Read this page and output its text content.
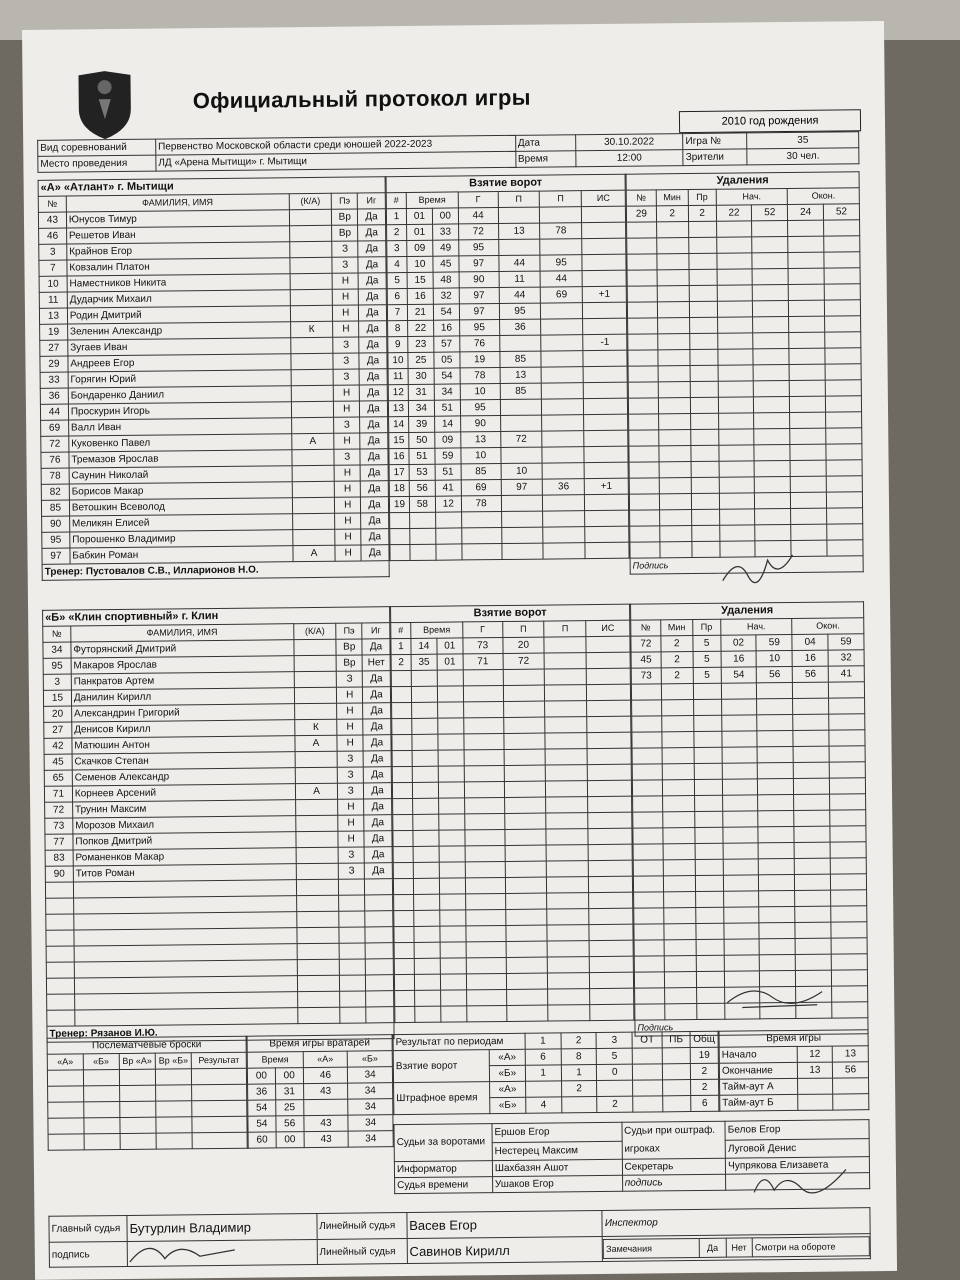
Официальный протокол игры
2010 год рождения
Вид соревнований	Первенство Московской области среди юношей 2022-2023	Дата	30.10.2022	Игра №	35
Место проведения	ЛД «Арена Мытищи» г. Мытищи	Время	12:00	Зрители	30 чел.
«А» «Атлант» г. Мытищи				
№	ФАМИЛИЯ, ИМЯ	(К/А)	Пэ	Иг
43	Юнусов Тимур		Вр	Да
46	Решетов Иван		Вр	Да
3	Крайнов Егор		З	Да
7	Ковзалин Платон		З	Да
10	Наместников Никита		Н	Да
11	Дударчик Михаил		Н	Да
13	Родин Дмитрий		Н	Да
19	Зеленин Александр	К	Н	Да
27	Зугаев Иван		З	Да
29	Андреев Егор		З	Да
33	Горягин Юрий		З	Да
36	Бондаренко Даниил		Н	Да
44	Проскурин Игорь		Н	Да
69	Валл Иван		З	Да
72	Куковенко Павел	А	Н	Да
76	Тремазов Ярослав		З	Да
78	Саунин Николай		Н	Да
82	Борисов Макар		Н	Да
85	Ветошкин Всеволод		Н	Да
90	Меликян Елисей		Н	Да
95	Порошенко Владимир		Н	Да
97	Бабкин Роман	А	Н	Да
Тренер: Пустовалов С.В., Илларионов Н.О.				
Взятие ворот						
#	Время		Г	П	П	ИС
1	01	00	44			
2	01	33	72	13	78	
3	09	49	95			
4	10	45	97	44	95	
5	15	48	90	11	44	
6	16	32	97	44	69	+1
7	21	54	97	95		
8	22	16	95	36		
9	23	57	76			-1
10	25	05	19	85		
11	30	54	78	13		
12	31	34	10	85		
13	34	51	95			
14	39	14	90			
15	50	09	13	72		
16	51	59	10			
17	53	51	85	10		
18	56	41	69	97	36	+1
19	58	12	78			

Удаления						
№	Мин	Пр	Нач.		Окон.	
29	2	2	22	52	24	52

Подпись						
«Б» «Клин спортивный» г. Клин				
№	ФАМИЛИЯ, ИМЯ	(К/А)	Пэ	Иг
34	Футорянский Дмитрий		Вр	Да
95	Макаров Ярослав		Вр	Нет
3	Панкратов Артем		З	Да
15	Данилин Кирилл		Н	Да
20	Александрин Григорий		Н	Да
27	Денисов Кирилл	К	Н	Да
42	Матюшин Антон	А	Н	Да
45	Скачков Степан		З	Да
65	Семенов Александр		З	Да
71	Корнеев Арсений	А	З	Да
72	Трунин Максим		Н	Да
73	Морозов Михаил		Н	Да
77	Попков Дмитрий		Н	Да
83	Романенков Макар		З	Да
90	Титов Роман		З	Да

Тренер: Рязанов И.Ю.				
Взятие ворот						
#	Время		Г	П	П	ИС
1	14	01	73	20		
2	35	01	71	72		

Удаления						
№	Мин	Пр	Нач.		Окон.	
72	2	5	02	59	04	59
45	2	5	16	10	16	32
73	2	5	54	56	56	41

Подпись						
Послематчевые броски				
«А»	«Б»	Вр «А»	Вр «Б»	Результат

Время игры вратарей			
Время		«А»	«Б»
00	00	46	34
36	31	43	34
54	25		34
54	56	43	34
60	00	43	34
Результат по периодам		1	2	3	ОТ	ПБ	Общ
Взятие ворот	«А»	6	8	5			19
	«Б»	1	1	0			2
Штрафное время	«А»		2				2
	«Б»	4		2			6
Время игры		
Начало	12	13
Окончание	13	56
Тайм-аут А		
Тайм-аут Б		
Судьи за воротами	Ершов Егор	Судьи при оштраф. игроках	Белов Егор
	Нестерец Максим		Луговой Денис
Информатор	Шахбазян Ашот	Секретарь	Чупрякова Елизавета
Судья времени	Ушаков Егор	подпись	
Главный судья	Бутурлин Владимир	Линейный судья	Васев Егор	Инспектор
подпись		Линейный судья	Савинов Кирилл		Замечания	Да	Нет	Смотри на обороте
